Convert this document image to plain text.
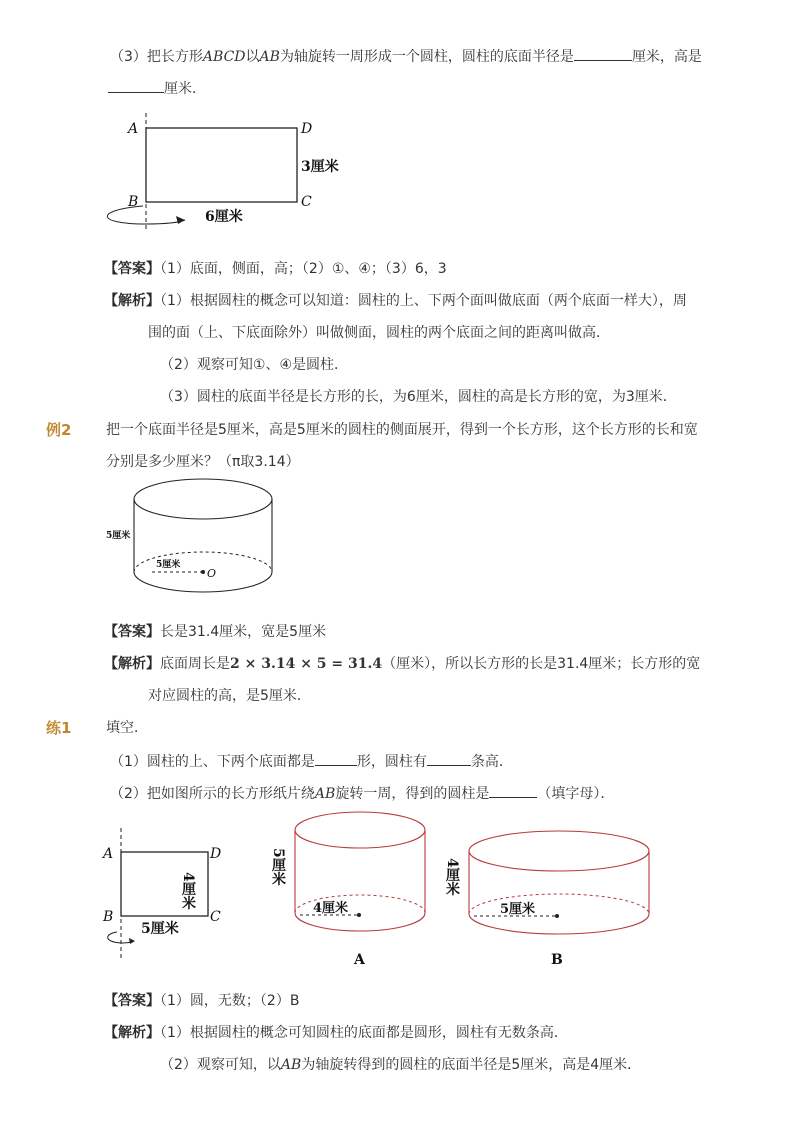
（3）把长方形ABCD以AB为轴旋转一周形成一个圆柱，圆柱的底面半径是	厘米，高是
厘米．
A
B	C
D
3厘米
6厘米
【答案】（1）底面，侧面，高；（2）①、④；（3）6，3
【解析】（1）根据圆柱的概念可以知道：圆柱的上、下两个面叫做底面（两个底面一样大），周
围的面（上、下底面除外）叫做侧面，圆柱的两个底面之间的距离叫做高．
（2）观察可知①、④是圆柱．
（3）圆柱的底面半径是长方形的长，为6厘米，圆柱的高是长方形的宽，为3厘米．
例2 把一个底面半径是5厘米，高是5厘米的圆柱的侧面展开，得到一个长方形，这个长方形的长和宽
分别是多少厘米？（π取3.14）
5厘米
5厘米
O
【答案】长是31.4厘米，宽是5厘米
【解析】底面周长是2 × 3.14 × 5 = 31.4（厘米），所以长方形的长是31.4厘米；长方形的宽
对应圆柱的高，是5厘米．
练1 填空．
（1）圆柱的上、下两个底面都是	形，圆柱有	条高．
（2）把如图所示的长方形纸片绕AB旋转一周，得到的圆柱是	（填字母）．
A
B	C
D
4厘米
5厘米
5厘米
4厘米
A
4厘米
5厘米
B
【答案】（1）圆，无数；（2）B
【解析】（1）根据圆柱的概念可知圆柱的底面都是圆形，圆柱有无数条高．
（2）观察可知，以AB为轴旋转得到的圆柱的底面半径是5厘米，高是4厘米．
